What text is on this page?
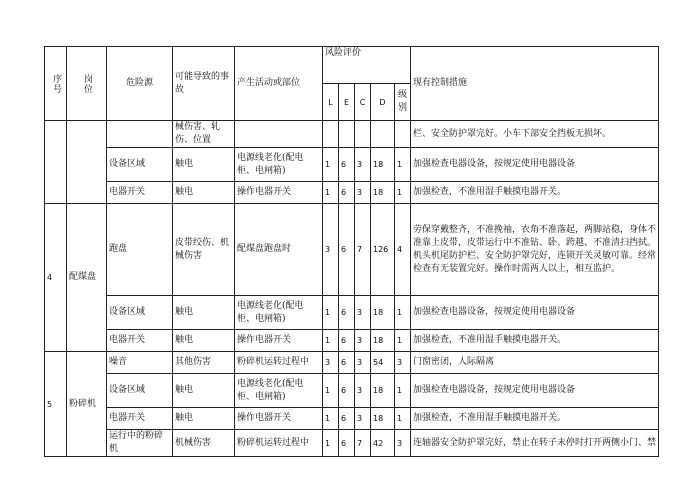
序号	岗位	危险源	可能导致的事故	产生活动或部位	风险评价					现有控制措施
					L	E	C	D	级别	
			械伤害、轧伤、位置							栏、安全防护罩完好。小车下部安全挡板无损坏。
		设备区域	触电	电源线老化(配电柜、电闸箱)	1	6	3	18	1	加强检查电器设备，按规定使用电器设备
		电器开关	触电	操作电器开关	1	6	3	18	1	加强检查，不准用湿手触摸电器开关。
4	配煤盘	跑盘	皮带绞伤、机械伤害	配煤盘跑盘时	3	6	7	126	4	劳保穿戴整齐，不准挽袖，衣角不准落起，两脚站稳，身体不准靠上皮带，皮带运行中不准钻、卧、跨越、不准清扫挡拭。机头机尾防护栏、安全防护罩完好，连锁开关灵敏可靠。经常检查有无装置完好。操作时需两人以上，相互监护。
		设备区域	触电	电源线老化(配电柜、电闸箱)	1	6	3	18	1	加强检查电器设备，按规定使用电器设备
		电器开关	触电	操作电器开关	1	6	3	18	1	加强检查，不准用湿手触摸电器开关。
5	粉碎机	噪音	其他伤害	粉碎机运转过程中	3	6	3	54	3	门窗密闭，人际隔离
		设备区域	触电	电源线老化(配电柜、电闸箱)	1	6	3	18	1	加强检查电器设备，按规定使用电器设备
		电器开关	触电	操作电器开关	1	6	3	18	1	加强检查，不准用湿手触摸电器开关。
		运行中的粉碎机	机械伤害	粉碎机运转过程中	1	6	7	42	3	连轴器安全防护罩完好，禁止在转子未停时打开两侧小门、禁
